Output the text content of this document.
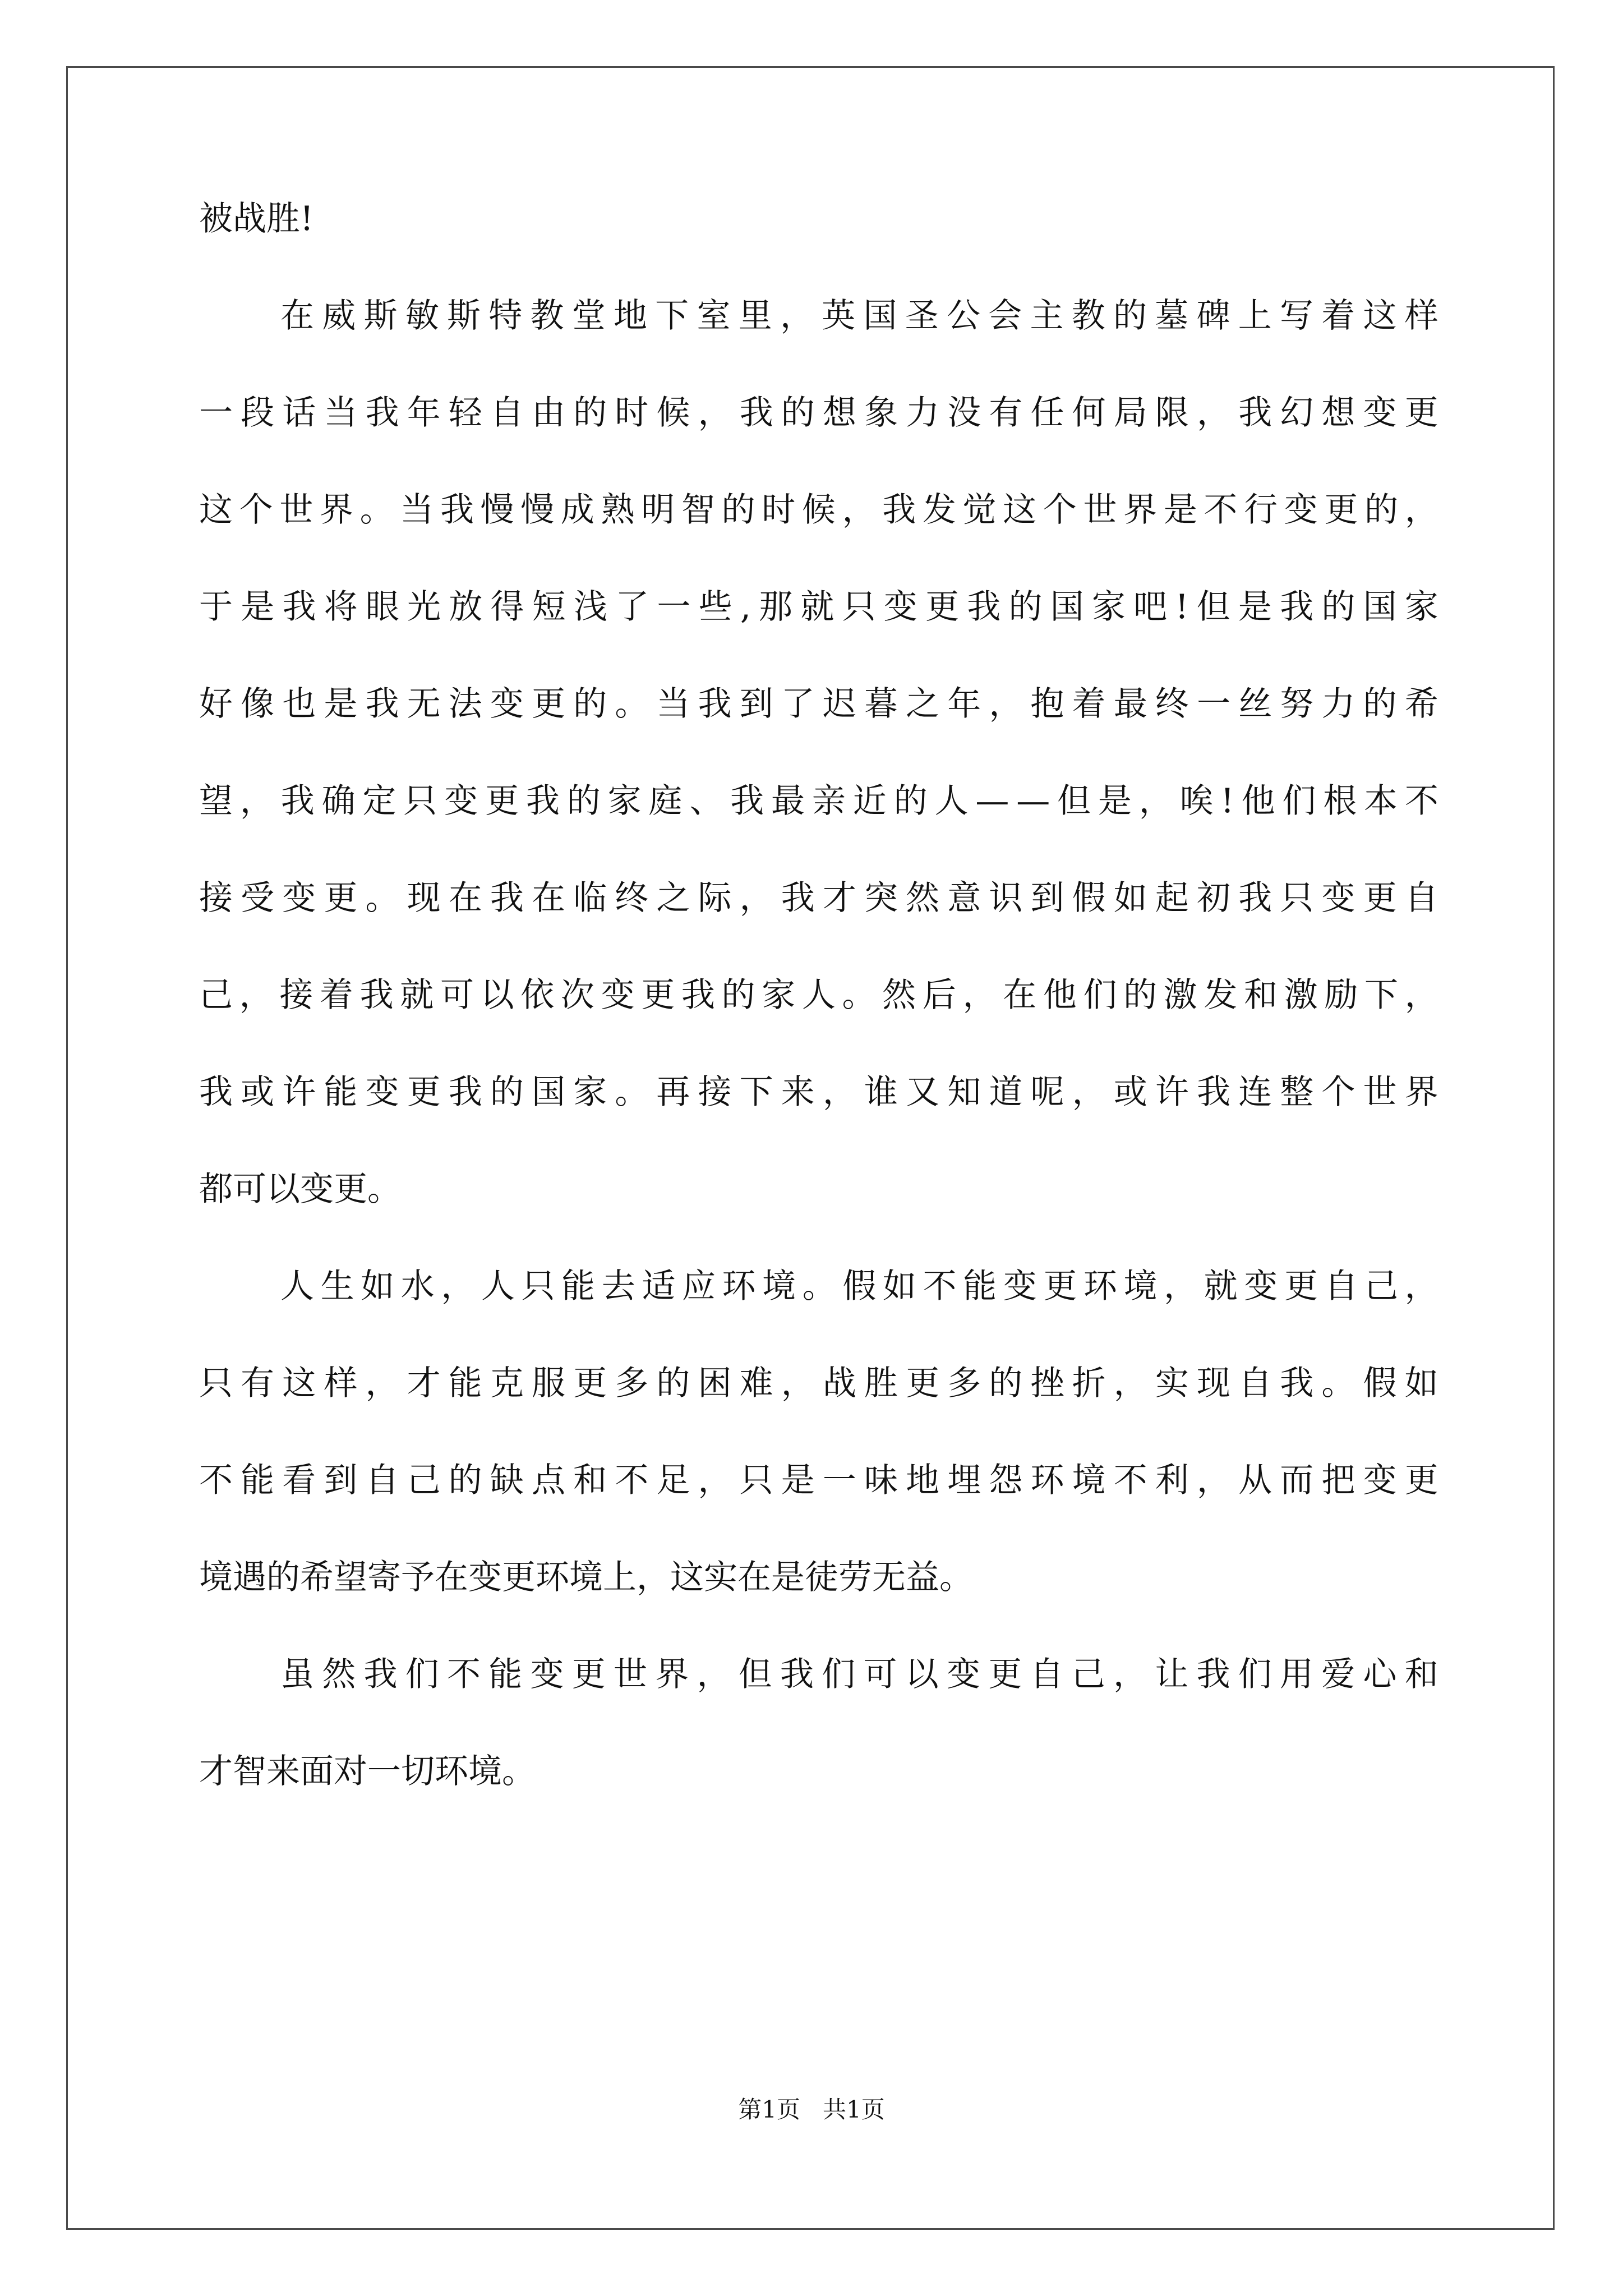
被战胜!
在 威 斯 敏 斯 特 教 堂 地 下 室 里 ， 英 国 圣 公 会 主 教 的 墓 碑 上 写 着 这 样
一 段 话 当 我 年 轻 自 由 的 时 候 ， 我 的 想 象 力 没 有 任 何 局 限 ， 我 幻 想 变 更
这 个 世 界 。 当 我 慢 慢 成 熟 明 智 的 时 候 ， 我 发 觉 这 个 世 界 是 不 行 变 更 的 ，
于 是 我 将 眼 光 放 得 短 浅 了 一 些 , 那 就 只 变 更 我 的 国 家 吧 ! 但 是 我 的 国 家
好 像 也 是 我 无 法 变 更 的 。 当 我 到 了 迟 暮 之 年 ， 抱 着 最 终 一 丝 努 力 的 希
望 ， 我 确 定 只 变 更 我 的 家 庭 、 我 最 亲 近 的 人 — — 但 是 ， 唉 ! 他 们 根 本 不
接 受 变 更 。 现 在 我 在 临 终 之 际 ， 我 才 突 然 意 识 到 假 如 起 初 我 只 变 更 自
己 ， 接 着 我 就 可 以 依 次 变 更 我 的 家 人 。 然 后 ， 在 他 们 的 激 发 和 激 励 下 ，
我 或 许 能 变 更 我 的 国 家 。 再 接 下 来 ， 谁 又 知 道 呢 ， 或 许 我 连 整 个 世 界
都可以变更。
人 生 如 水 ， 人 只 能 去 适 应 环 境 。 假 如 不 能 变 更 环 境 ， 就 变 更 自 己 ，
只 有 这 样 ， 才 能 克 服 更 多 的 困 难 ， 战 胜 更 多 的 挫 折 ， 实 现 自 我 。 假 如
不 能 看 到 自 己 的 缺 点 和 不 足 ， 只 是 一 味 地 埋 怨 环 境 不 利 ， 从 而 把 变 更
境遇的希望寄予在变更环境上，这实在是徒劳无益。
虽 然 我 们 不 能 变 更 世 界 ， 但 我 们 可 以 变 更 自 己 ， 让 我 们 用 爱 心 和
才智来面对一切环境。
第1页   共1页
